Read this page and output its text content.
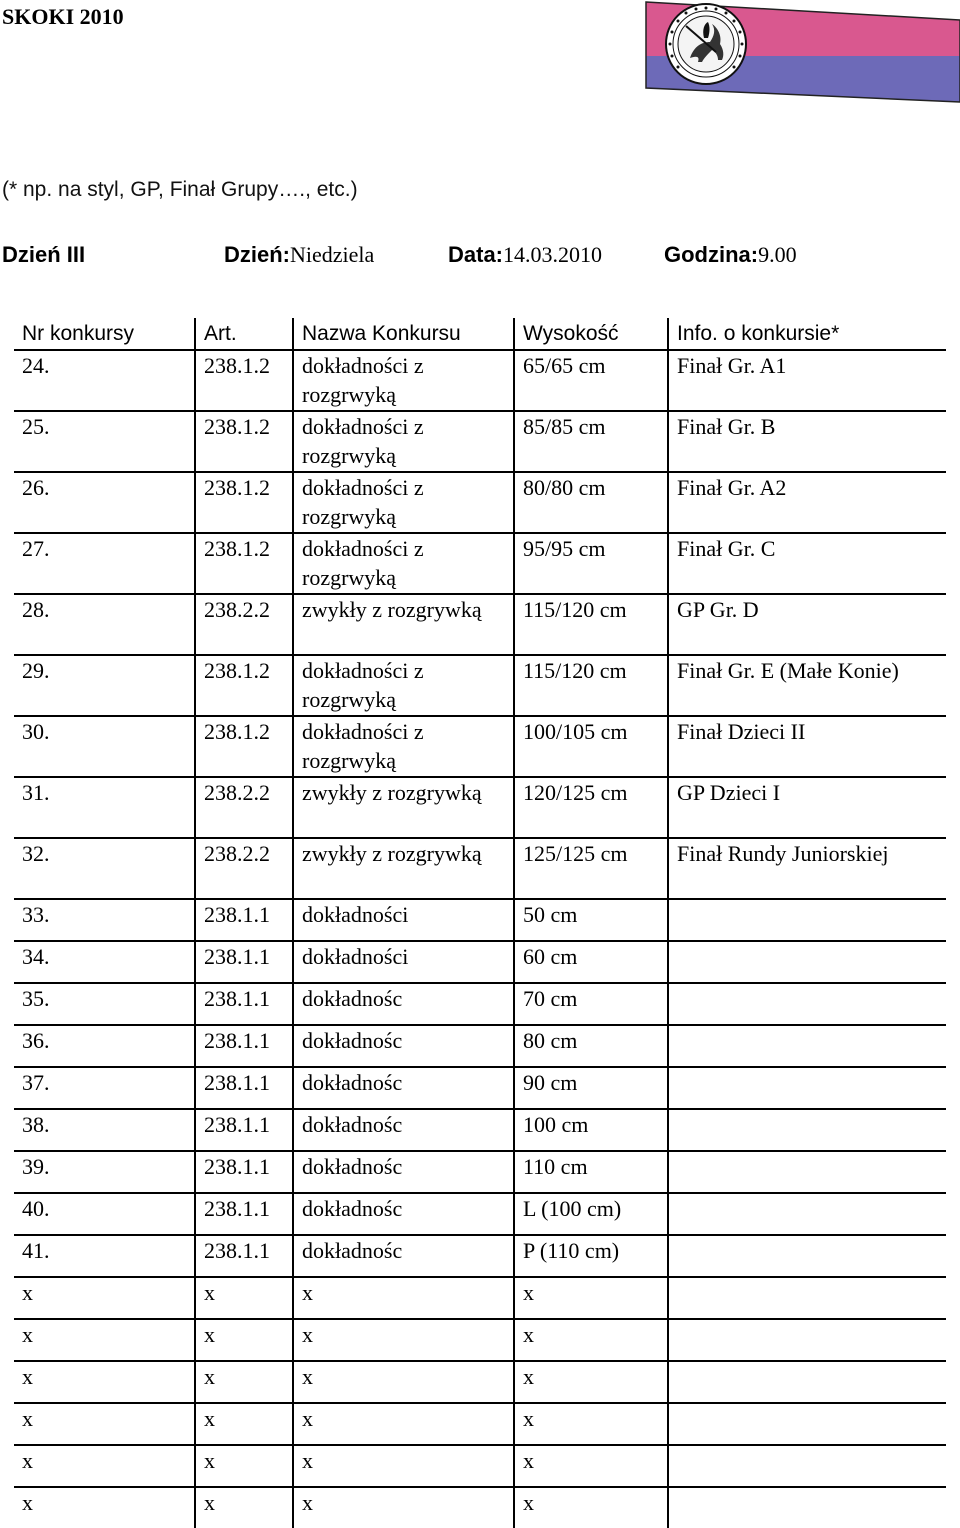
SKOKI 2010
(* np. na styl, GP, Finał Grupy…., etc.)
Dzień III	Dzień:Niedziela	Data:14.03.2010	Godzina:9.00
Nr konkursy	Art.	Nazwa Konkursu	Wysokość	Info. o konkursie*
24.	238.1.2	dokładności z rozgrwyką	65/65 cm	Finał Gr. A1
25.	238.1.2	dokładności z rozgrwyką	85/85 cm	Finał Gr. B
26.	238.1.2	dokładności z rozgrwyką	80/80 cm	Finał Gr. A2
27.	238.1.2	dokładności z rozgrwyką	95/95 cm	Finał Gr. C
28.	238.2.2	zwykły z rozgrywką	115/120 cm	GP Gr. D
29.	238.1.2	dokładności z rozgrwyką	115/120 cm	Finał Gr. E (Małe Konie)
30.	238.1.2	dokładności z rozgrwyką	100/105 cm	Finał Dzieci II
31.	238.2.2	zwykły z rozgrywką	120/125 cm	GP Dzieci I
32.	238.2.2	zwykły z rozgrywką	125/125 cm	Finał Rundy Juniorskiej
33.	238.1.1	dokładności	50 cm	
34.	238.1.1	dokładności	60 cm	
35.	238.1.1	dokładnośc	70 cm	
36.	238.1.1	dokładnośc	80 cm	
37.	238.1.1	dokładnośc	90 cm	
38.	238.1.1	dokładnośc	100 cm	
39.	238.1.1	dokładnośc	110 cm	
40.	238.1.1	dokładnośc	L (100 cm)	
41.	238.1.1	dokładnośc	P (110 cm)	
x	x	x	x	
x	x	x	x	
x	x	x	x	
x	x	x	x	
x	x	x	x	
x	x	x	x	
